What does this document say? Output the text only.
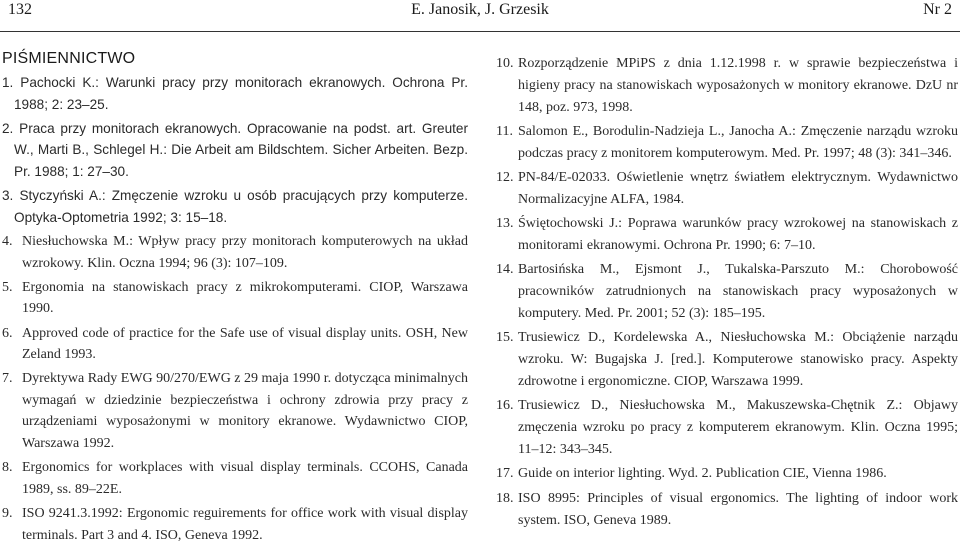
132	E. Janosik, J. Grzesik	Nr 2
PIŚMIENNICTWO
1. Pachocki K.: Warunki pracy przy monitorach ekranowych. Ochrona Pr. 1988; 2: 23–25.
2. Praca przy monitorach ekranowych. Opracowanie na podst. art. Greuter W., Marti B., Schlegel H.: Die Arbeit am Bildschtem. Sicher Arbeiten. Bezp. Pr. 1988; 1: 27–30.
3. Styczyński A.: Zmęczenie wzroku u osób pracujących przy komputerze. Optyka-Optometria 1992; 3: 15–18.
4. Niesłuchowska M.: Wpływ pracy przy monitorach komputerowych na układ wzrokowy. Klin. Oczna 1994; 96 (3): 107–109.
5. Ergonomia na stanowiskach pracy z mikrokomputerami. CIOP, Warszawa 1990.
6. Approved code of practice for the Safe use of visual display units. OSH, New Zeland 1993.
7. Dyrektywa Rady EWG 90/270/EWG z 29 maja 1990 r. dotycząca minimalnych wymagań w dziedzinie bezpieczeństwa i ochrony zdrowia przy pracy z urządzeniami wyposażonymi w monitory ekranowe. Wydawnictwo CIOP, Warszawa 1992.
8. Ergonomics for workplaces with visual display terminals. CCOHS, Canada 1989, ss. 89–22E.
9. ISO 9241.3.1992: Ergonomic reguirements for office work with visual display terminals. Part 3 and 4. ISO, Geneva 1992.
10. Rozporządzenie MPiPS z dnia 1.12.1998 r. w sprawie bezpieczeństwa i higieny pracy na stanowiskach wyposażonych w monitory ekranowe. DzU nr 148, poz. 973, 1998.
11. Salomon E., Borodulin-Nadzieja L., Janocha A.: Zmęczenie narządu wzroku podczas pracy z monitorem komputerowym. Med. Pr. 1997; 48 (3): 341–346.
12. PN-84/E-02033. Oświetlenie wnętrz światłem elektrycznym. Wydawnictwo Normalizacyjne ALFA, 1984.
13. Świętochowski J.: Poprawa warunków pracy wzrokowej na stanowiskach z monitorami ekranowymi. Ochrona Pr. 1990; 6: 7–10.
14. Bartosińska M., Ejsmont J., Tukalska-Parszuto M.: Chorobowość pracowników zatrudnionych na stanowiskach pracy wyposażonych w komputery. Med. Pr. 2001; 52 (3): 185–195.
15. Trusiewicz D., Kordelewska A., Niesłuchowska M.: Obciążenie narządu wzroku. W: Bugajska J. [red.]. Komputerowe stanowisko pracy. Aspekty zdrowotne i ergonomiczne. CIOP, Warszawa 1999.
16. Trusiewicz D., Niesłuchowska M., Makuszewska-Chętnik Z.: Objawy zmęczenia wzroku po pracy z komputerem ekranowym. Klin. Oczna 1995; 11–12: 343–345.
17. Guide on interior lighting. Wyd. 2. Publication CIE, Vienna 1986.
18. ISO 8995: Principles of visual ergonomics. The lighting of indoor work system. ISO, Geneva 1989.
